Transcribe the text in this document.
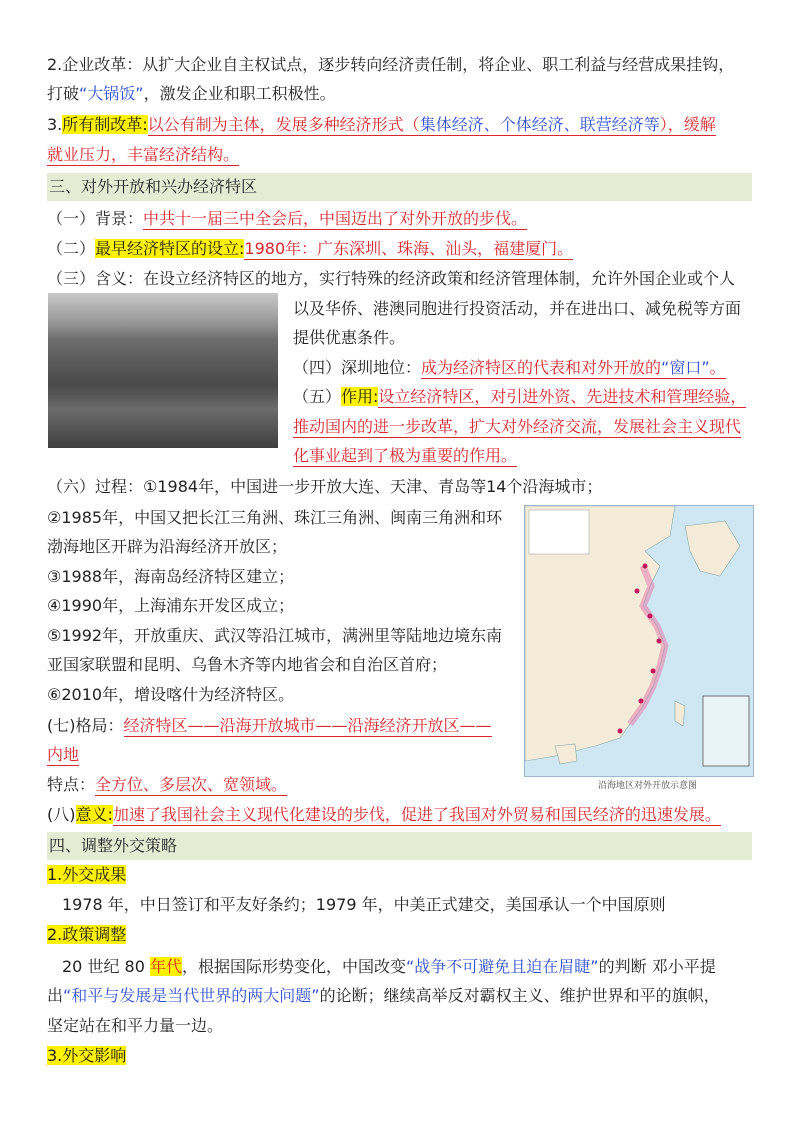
2.企业改革：从扩大企业自主权试点，逐步转向经济责任制，将企业、职工利益与经营成果挂钩，
打破“大锅饭”，激发企业和职工积极性。
3.所有制改革:以公有制为主体，发展多种经济形式（集体经济、个体经济、联营经济等），缓解
就业压力，丰富经济结构。
三、对外开放和兴办经济特区
（一）背景：中共十一届三中全会后，中国迈出了对外开放的步伐。
（二）最早经济特区的设立:1980年：广东深圳、珠海、汕头，福建厦门。
（三）含义：在设立经济特区的地方，实行特殊的经济政策和经济管理体制，允许外国企业或个人
以及华侨、港澳同胞进行投资活动，并在进出口、减免税等方面
提供优惠条件。
（四）深圳地位：成为经济特区的代表和对外开放的“窗口”。
（五）作用:设立经济特区，对引进外资、先进技术和管理经验，
推动国内的进一步改革，扩大对外经济交流，发展社会主义现代
化事业起到了极为重要的作用。
（六）过程：①1984年，中国进一步开放大连、天津、青岛等14个沿海城市；
②1985年，中国又把长江三角洲、珠江三角洲、闽南三角洲和环
渤海地区开辟为沿海经济开放区；
③1988年，海南岛经济特区建立；
④1990年，上海浦东开发区成立；
⑤1992年，开放重庆、武汉等沿江城市，满洲里等陆地边境东南
亚国家联盟和昆明、乌鲁木齐等内地省会和自治区首府；
⑥2010年，增设喀什为经济特区。
(七)格局：经济特区——沿海开放城市——沿海经济开放区——
内地
特点：全方位、多层次、宽领域。	沿海地区对外开放示意图
(八)意义:加速了我国社会主义现代化建设的步伐，促进了我国对外贸易和国民经济的迅速发展。
四、调整外交策略
1.外交成果
1978 年，中日签订和平友好条约；1979 年，中美正式建交，美国承认一个中国原则
2.政策调整
20 世纪 80 年代，根据国际形势变化，中国改变“战争不可避免且迫在眉睫”的判断 邓小平提
出“和平与发展是当代世界的两大问题”的论断；继续高举反对霸权主义、维护世界和平的旗帜，
坚定站在和平力量一边。
3.外交影响
